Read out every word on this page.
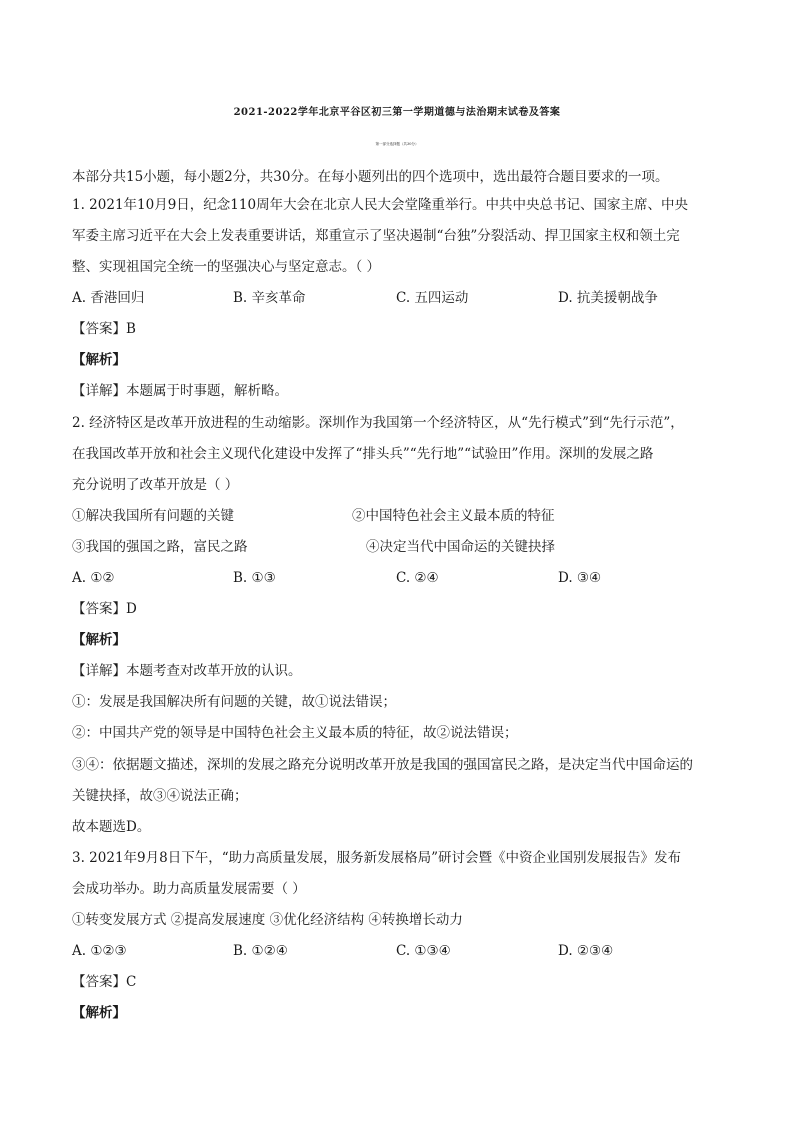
2021-2022学年北京平谷区初三第一学期道德与法治期末试卷及答案
第一部分选择题（共30分）
本部分共15小题，每小题2分，共30分。在每小题列出的四个选项中，选出最符合题目要求的一项。
1. 2021年10月9日，纪念110周年大会在北京人民大会堂隆重举行。中共中央总书记、国家主席、中央
军委主席习近平在大会上发表重要讲话，郑重宣示了坚决遏制“台独”分裂活动、捍卫国家主权和领土完
整、实现祖国完全统一的坚强决心与坚定意志。（ ）
A. 香港回归	B. 辛亥革命	C. 五四运动	D. 抗美援朝战争
【答案】B
【解析】
【详解】本题属于时事题，解析略。
2. 经济特区是改革开放进程的生动缩影。深圳作为我国第一个经济特区，从“先行模式”到“先行示范”，
在我国改革开放和社会主义现代化建设中发挥了“排头兵”“先行地”“试验田”作用。深圳的发展之路
充分说明了改革开放是（ ）
①解决我国所有问题的关键	②中国特色社会主义最本质的特征
③我国的强国之路，富民之路	④决定当代中国命运的关键抉择
A. ①②	B. ①③	C. ②④	D. ③④
【答案】D
【解析】
【详解】本题考查对改革开放的认识。
①：发展是我国解决所有问题的关键，故①说法错误；
②：中国共产党的领导是中国特色社会主义最本质的特征，故②说法错误；
③④：依据题文描述，深圳的发展之路充分说明改革开放是我国的强国富民之路，是决定当代中国命运的
关键抉择，故③④说法正确；
故本题选D。
3. 2021年9月8日下午，“助力高质量发展，服务新发展格局”研讨会暨《中资企业国别发展报告》发布
会成功举办。助力高质量发展需要（ ）
①转变发展方式 ②提高发展速度 ③优化经济结构 ④转换增长动力
A. ①②③	B. ①②④	C. ①③④	D. ②③④
【答案】C
【解析】
